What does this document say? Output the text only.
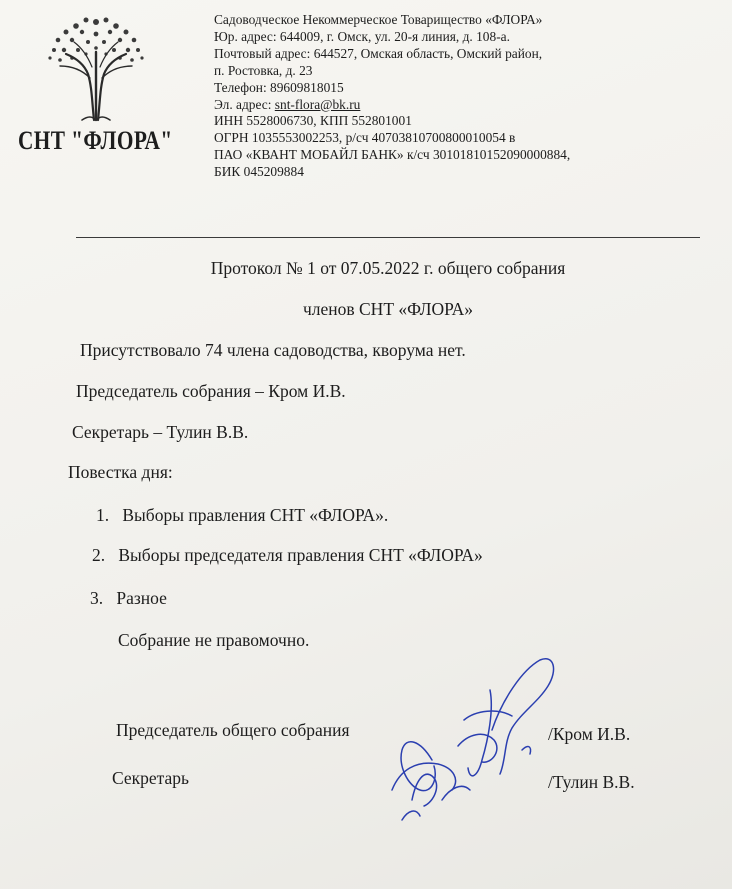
СНТ "ФЛОРА"
Садоводческое Некоммерческое Товарищество «ФЛОРА»
Юр. адрес: 644009, г. Омск, ул. 20-я линия, д. 108-а.
Почтовый адрес: 644527, Омская область, Омский район,
п. Ростовка, д. 23
Телефон: 89609818015
Эл. адрес: snt-flora@bk.ru
ИНН 5528006730, КПП 552801001
ОГРН 1035553002253, р/сч 40703810700800010054 в
ПАО «КВАНТ МОБАЙЛ БАНК» к/сч 30101810152090000884,
БИК 045209884
Протокол № 1 от 07.05.2022 г. общего собрания
членов СНТ «ФЛОРА»
Присутствовало 74 члена садоводства, кворума нет.
Председатель собрания – Кром И.В.
Секретарь – Тулин В.В.
Повестка дня:
1. Выборы правления СНТ «ФЛОРА».
2. Выборы председателя правления СНТ «ФЛОРА»
3. Разное
Собрание не правомочно.
Председатель общего собрания	/Кром И.В.
Секретарь	/Тулин В.В.
